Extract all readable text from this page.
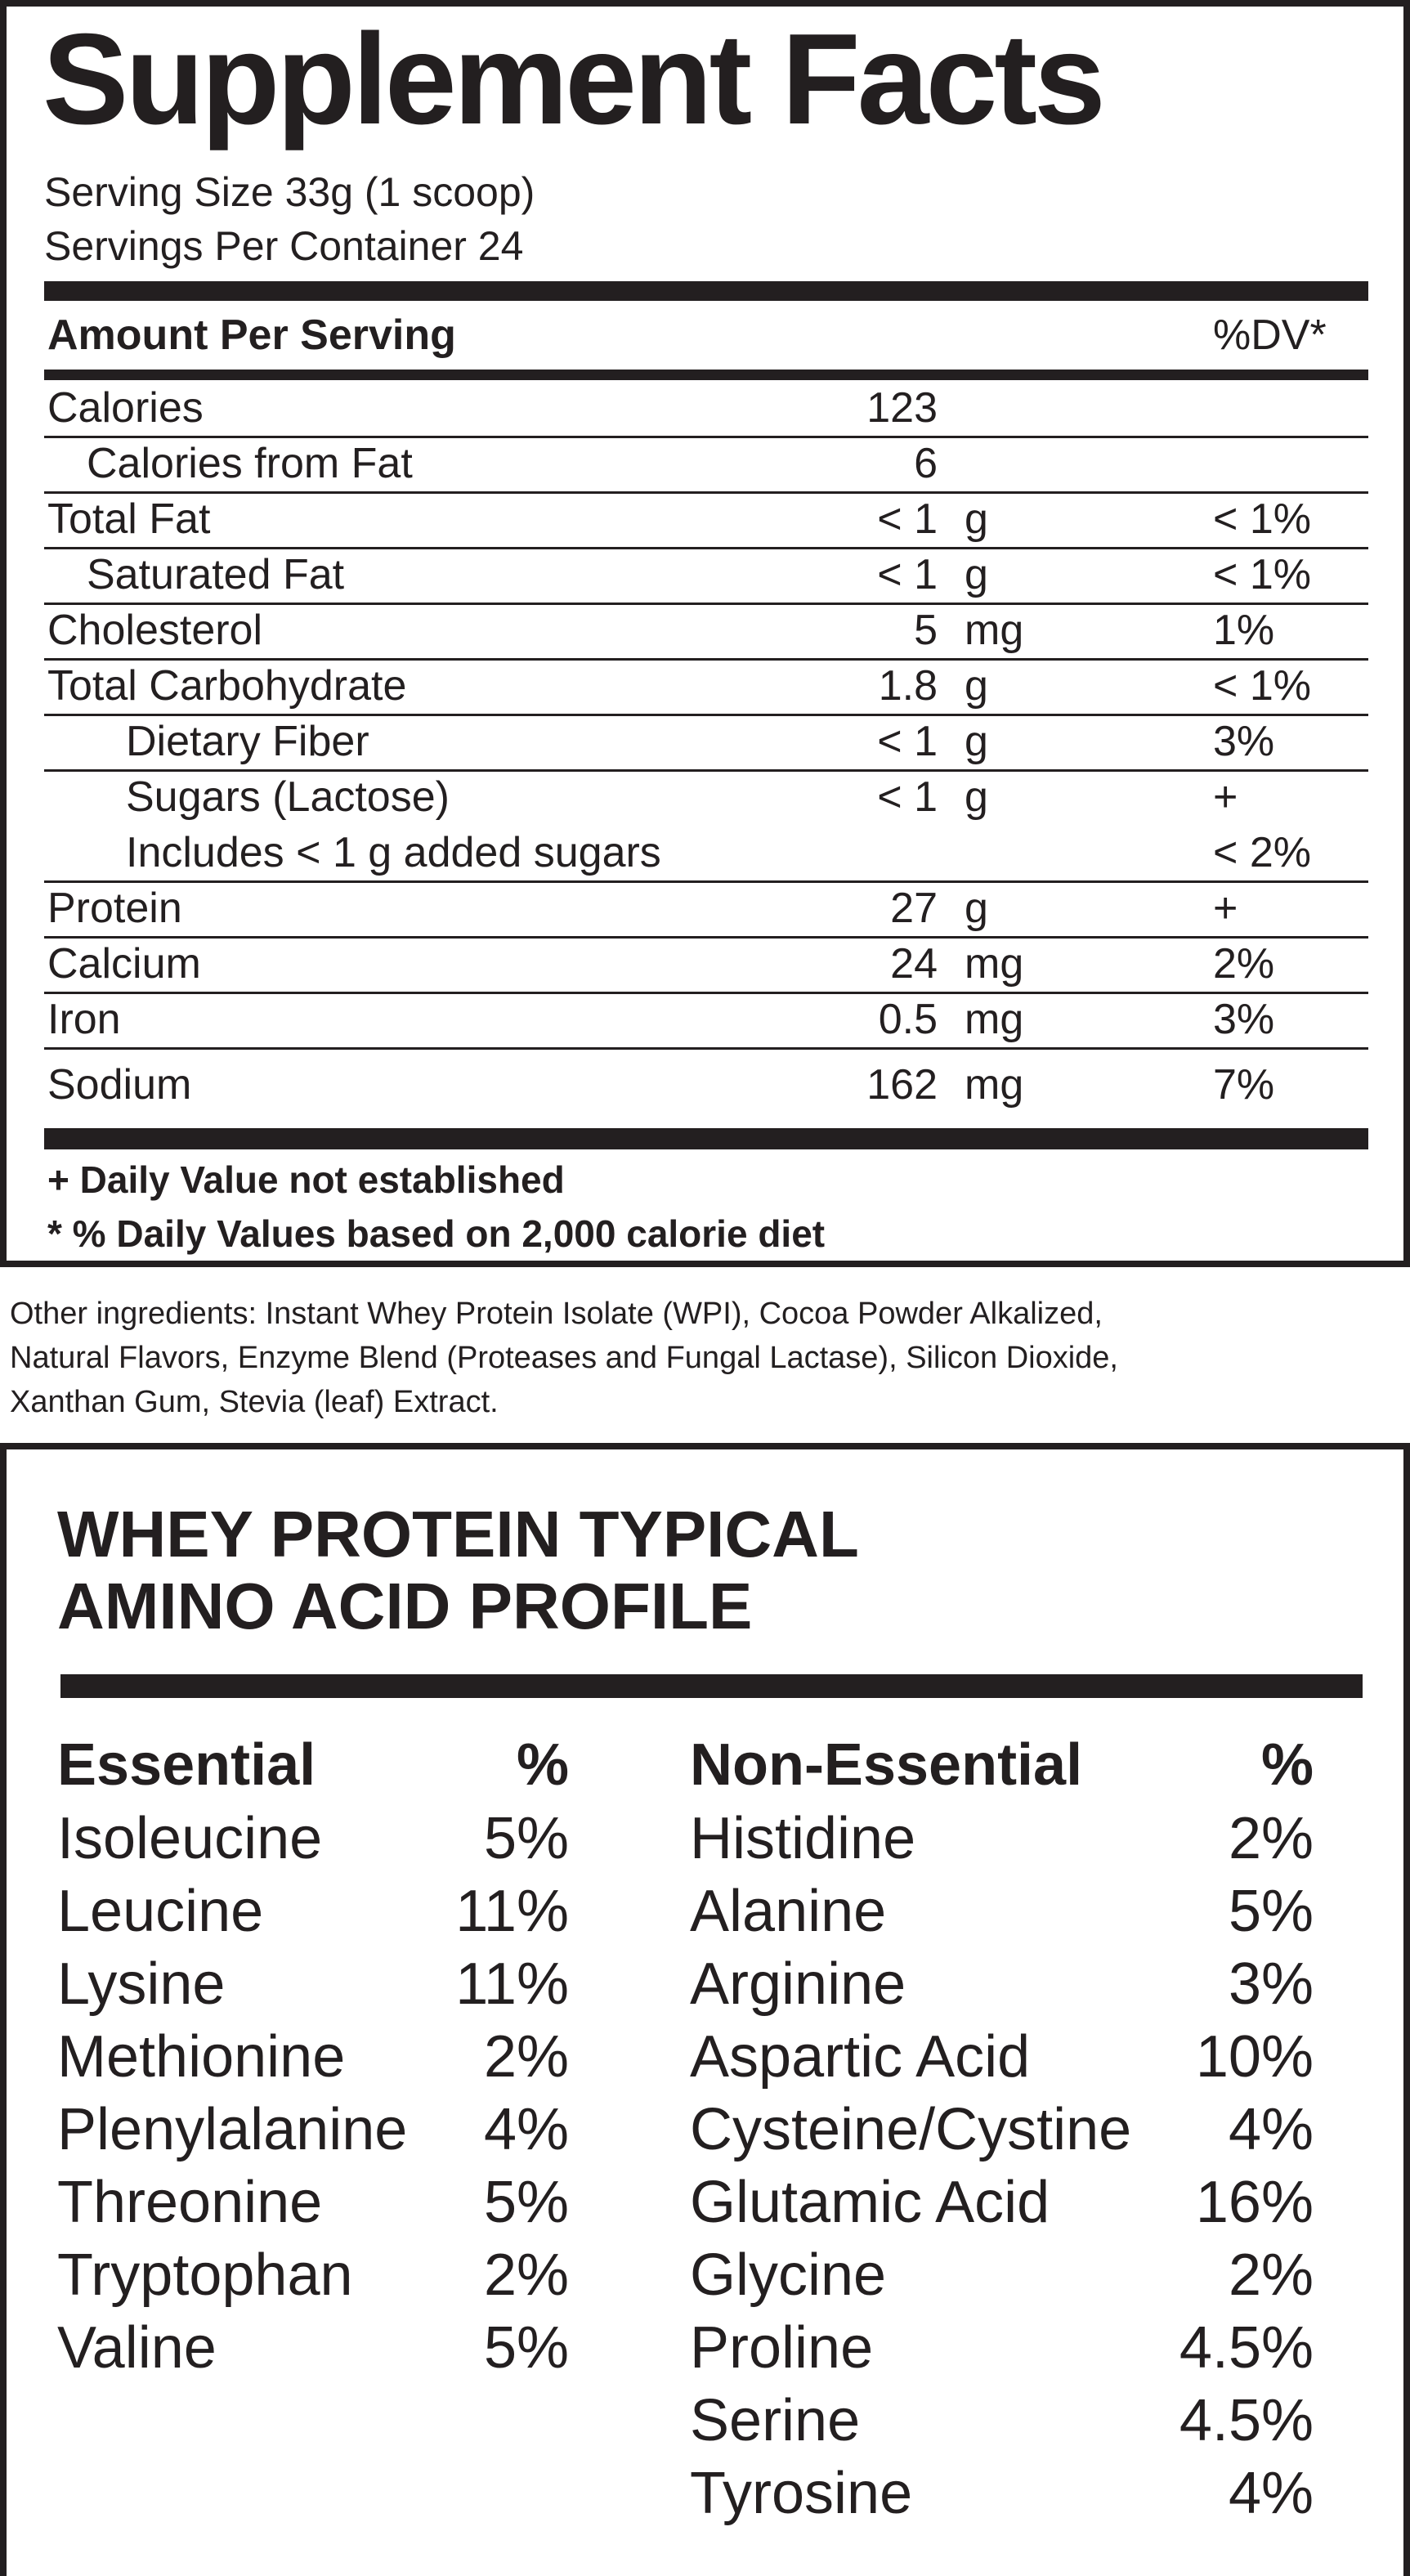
Supplement Facts
Serving Size 33g (1 scoop)
Servings Per Container 24
Amount Per Serving	%DV*
Calories	123
Calories from Fat	6
Total Fat	< 1 g	< 1%
Saturated Fat	< 1 g	< 1%
Cholesterol	5 mg	1%
Total Carbohydrate	1.8 g	< 1%
Dietary Fiber	< 1 g	3%
Sugars (Lactose)	< 1 g	+
Includes < 1 g added sugars	< 2%
Protein	27 g	+
Calcium	24 mg	2%
Iron	0.5 mg	3%
Sodium	162 mg	7%
+ Daily Value not established
* % Daily Values based on 2,000 calorie diet
Other ingredients: Instant Whey Protein Isolate (WPI), Cocoa Powder Alkalized,
Natural Flavors, Enzyme Blend (Proteases and Fungal Lactase), Silicon Dioxide,
Xanthan Gum, Stevia (leaf) Extract.
WHEY PROTEIN TYPICAL
AMINO ACID PROFILE
Essential	%
Isoleucine	5%
Leucine	11%
Lysine	11%
Methionine 2%
Plenylalanine 4%
Threonine	5%
Tryptophan 2%
Valine	5%
Non-Essential	%
Histidine	2%
Alanine	5%
Arginine	3%
Aspartic Acid	10%
Cysteine/Cystine 4%
Glutamic Acid 16%
Glycine	2%
Proline	4.5%
Serine	4.5%
Tyrosine	4%
